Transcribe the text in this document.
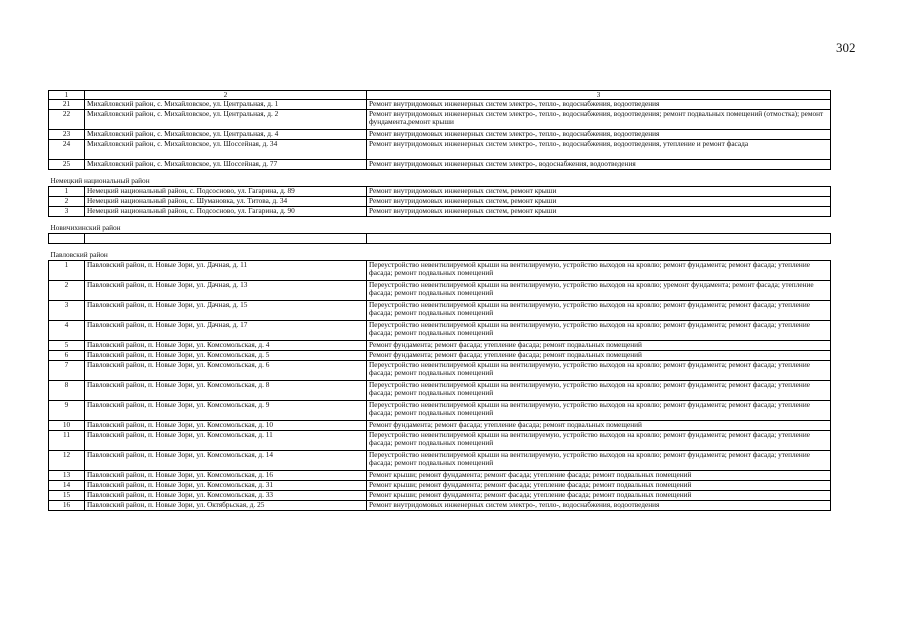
302
1	2	3
21	Михайловский район, с. Михайловское, ул. Центральная, д. 1	Ремонт внутридомовых инженерных систем электро-, тепло-, водоснабжения, водоотведения
22	Михайловский район, с. Михайловское, ул. Центральная, д. 2	Ремонт внутридомовых инженерных систем электро-, тепло-, водоснабжения, водоотведения; ремонт подвальных помещений (отмостка); ремонт фундамента,ремонт крыши
23	Михайловский район, с. Михайловское, ул. Центральная, д. 4	Ремонт внутридомовых инженерных систем электро-, тепло-, водоснабжения, водоотведения
24	Михайловский район, с. Михайловское, ул. Шоссейная, д. 34	Ремонт внутридомовых инженерных систем электро-, тепло-, водоснабжения, водоотведения, утепление и ремонт фасада
25	Михайловский район, с. Михайловское, ул. Шоссейная, д. 77	Ремонт внутридомовых инженерных систем электро-, водоснабжения, водоотведения

Немецкий национальный район		
1	Немецкий национальный район, с. Подсосново, ул. Гагарина, д. 89	Ремонт внутридомовых инженерных систем, ремонт крыши
2	Немецкий национальный район, с. Шумановка, ул. Титова, д. 34	Ремонт внутридомовых инженерных систем, ремонт крыши
3	Немецкий национальный район, с. Подсосново, ул. Гагарина, д. 90	Ремонт внутридомовых инженерных систем, ремонт крыши

Новичихинский район		

Павловский район		
1	Павловский район, п. Новые Зори, ул. Дачная, д. 11	Переустройство невентилируемой крыши на вентилируемую, устройство выходов на кровлю; ремонт фундамента; ремонт фасада; утепление фасада; ремонт подвальных помещений
2	Павловский район, п. Новые Зори, ул. Дачная, д. 13	Переустройство невентилируемой крыши на вентилируемую, устройство выходов на кровлю; уремонт фундамента; ремонт фасада; утепление фасада; ремонт подвальных помещений
3	Павловский район, п. Новые Зори, ул. Дачная, д. 15	Переустройство невентилируемой крыши на вентилируемую, устройство выходов на кровлю; ремонт фундамента; ремонт фасада; утепление фасада; ремонт подвальных помещений
4	Павловский район, п. Новые Зори, ул. Дачная, д. 17	Переустройство невентилируемой крыши на вентилируемую, устройство выходов на кровлю; ремонт фундамента; ремонт фасада; утепление фасада; ремонт подвальных помещений
5	Павловский район, п. Новые Зори, ул. Комсомольская, д. 4	Ремонт фундамента; ремонт фасада; утепление фасада; ремонт подвальных помещений
6	Павловский район, п. Новые Зори, ул. Комсомольская, д. 5	Ремонт фундамента; ремонт фасада; утепление фасада; ремонт подвальных помещений
7	Павловский район, п. Новые Зори, ул. Комсомольская, д. 6	Переустройство невентилируемой крыши на вентилируемую, устройство выходов на кровлю; ремонт фундамента; ремонт фасада; утепление фасада; ремонт подвальных помещений
8	Павловский район, п. Новые Зори, ул. Комсомольская, д. 8	Переустройство невентилируемой крыши на вентилируемую, устройство выходов на кровлю; ремонт фундамента; ремонт фасада; утепление фасада; ремонт подвальных помещений
9	Павловский район, п. Новые Зори, ул. Комсомольская, д. 9	Переустройство невентилируемой крыши на вентилируемую, устройство выходов на кровлю; ремонт фундамента; ремонт фасада; утепление фасада; ремонт подвальных помещений
10	Павловский район, п. Новые Зори, ул. Комсомольская, д. 10	Ремонт фундамента; ремонт фасада; утепление фасада; ремонт подвальных помещений
11	Павловский район, п. Новые Зори, ул. Комсомольская, д. 11	Переустройство невентилируемой крыши на вентилируемую, устройство выходов на кровлю; ремонт фундамента; ремонт фасада; утепление фасада; ремонт подвальных помещений
12	Павловский район, п. Новые Зори, ул. Комсомольская, д. 14	Переустройство невентилируемой крыши на вентилируемую, устройство выходов на кровлю; ремонт фундамента; ремонт фасада; утепление фасада; ремонт подвальных помещений
13	Павловский район, п. Новые Зори, ул. Комсомольская, д. 16	Ремонт крыши; ремонт фундамента; ремонт фасада; утепление фасада; ремонт подвальных помещений
14	Павловский район, п. Новые Зори, ул. Комсомольская, д. 31	Ремонт крыши; ремонт фундамента; ремонт фасада; утепление фасада; ремонт подвальных помещений
15	Павловский район, п. Новые Зори, ул. Комсомольская, д. 33	Ремонт крыши; ремонт фундамента; ремонт фасада; утепление фасада; ремонт подвальных помещений
16	Павловский район, п. Новые Зори, ул. Октябрьская, д. 25	Ремонт внутридомовых инженерных систем электро-, тепло-, водоснабжения, водоотведения
